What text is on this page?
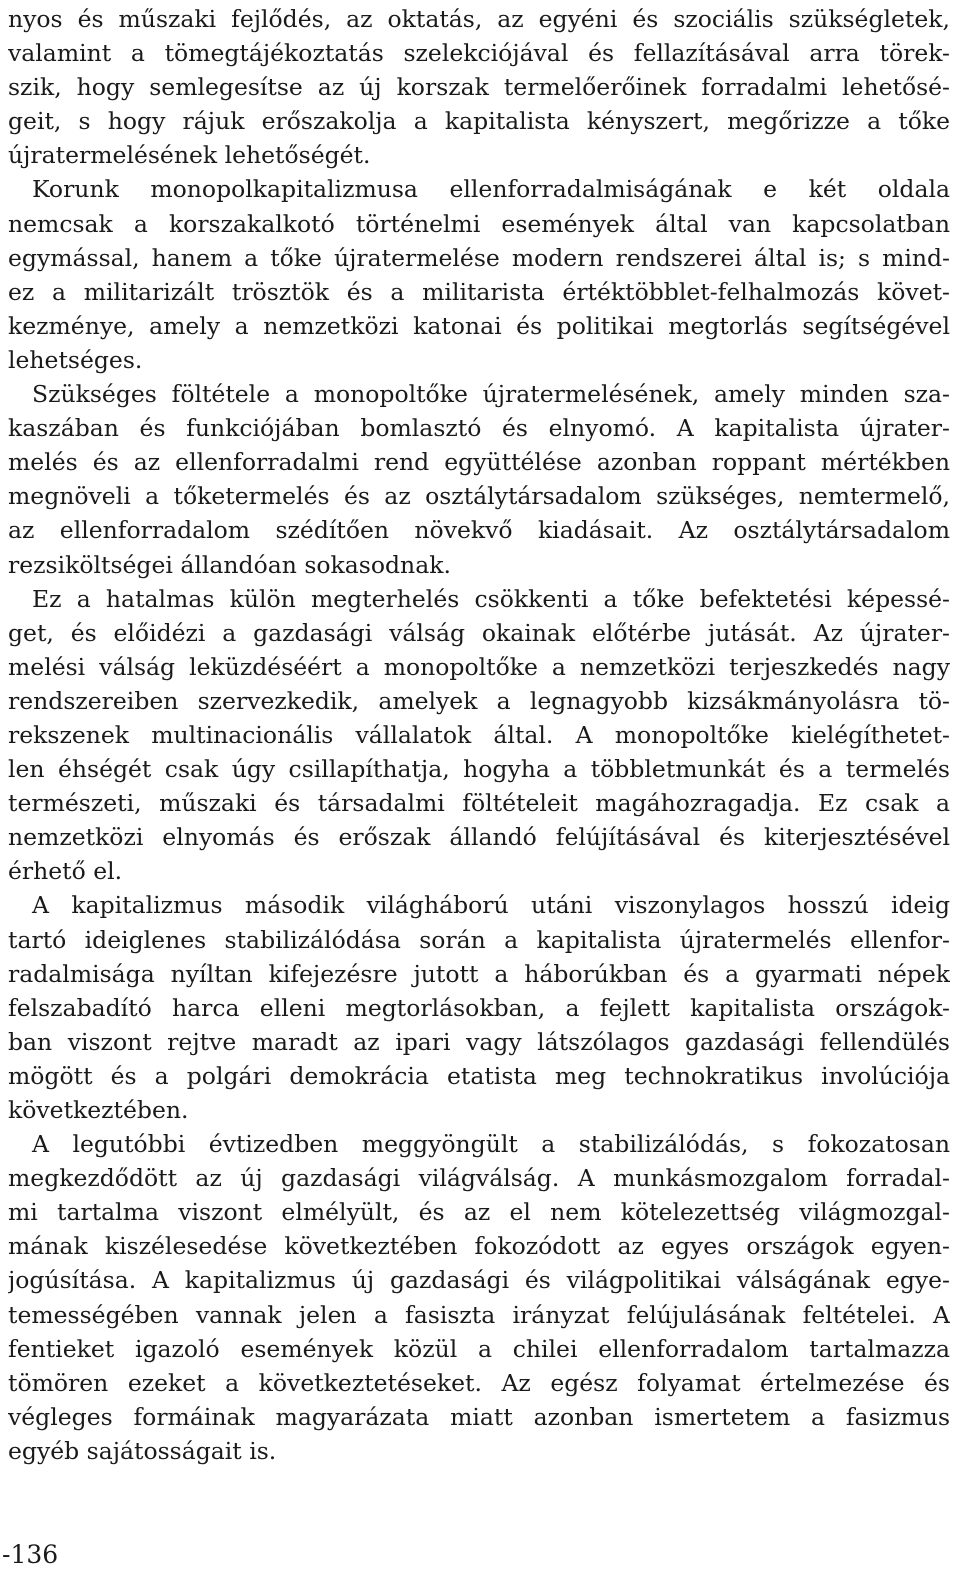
nyos és műszaki fejlődés, az oktatás, az egyéni és szociális szükségletek,
valamint a tömegtájékoztatás szelekciójával és fellazításával arra törek-
szik, hogy semlegesítse az új korszak termelőerőinek forradalmi lehetősé-
geit, s hogy rájuk erőszakolja a kapitalista kényszert, megőrizze a tőke
újratermelésének lehetőségét.
Korunk monopolkapitalizmusa ellenforradalmiságának e két oldala
nemcsak a korszakalkotó történelmi események által van kapcsolatban
egymással, hanem a tőke újratermelése modern rendszerei által is; s mind-
ez a militarizált trösztök és a militarista értéktöbblet-felhalmozás követ-
kezménye, amely a nemzetközi katonai és politikai megtorlás segítségével
lehetséges.
Szükséges föltétele a monopoltőke újratermelésének, amely minden sza-
kaszában és funkciójában bomlasztó és elnyomó. A kapitalista újrater-
melés és az ellenforradalmi rend együttélése azonban roppant mértékben
megnöveli a tőketermelés és az osztálytársadalom szükséges, nemtermelő,
az ellenforradalom szédítően növekvő kiadásait. Az osztálytársadalom
rezsiköltségei állandóan sokasodnak.
Ez a hatalmas külön megterhelés csökkenti a tőke befektetési képessé-
get, és előidézi a gazdasági válság okainak előtérbe jutását. Az újrater-
melési válság leküzdéséért a monopoltőke a nemzetközi terjeszkedés nagy
rendszereiben szervezkedik, amelyek a legnagyobb kizsákmányolásra tö-
rekszenek multinacionális vállalatok által. A monopoltőke kielégíthetet-
len éhségét csak úgy csillapíthatja, hogyha a többletmunkát és a termelés
természeti, műszaki és társadalmi föltételeit magáhozragadja. Ez csak a
nemzetközi elnyomás és erőszak állandó felújításával és kiterjesztésével
érhető el.
A kapitalizmus második világháború utáni viszonylagos hosszú ideig
tartó ideiglenes stabilizálódása során a kapitalista újratermelés ellenfor-
radalmisága nyíltan kifejezésre jutott a háborúkban és a gyarmati népek
felszabadító harca elleni megtorlásokban, a fejlett kapitalista országok-
ban viszont rejtve maradt az ipari vagy látszólagos gazdasági fellendülés
mögött és a polgári demokrácia etatista meg technokratikus involúciója
következtében.
A legutóbbi évtizedben meggyöngült a stabilizálódás, s fokozatosan
megkezdődött az új gazdasági világválság. A munkásmozgalom forradal-
mi tartalma viszont elmélyült, és az el nem kötelezettség világmozgal-
mának kiszélesedése következtében fokozódott az egyes országok egyen-
jogúsítása. A kapitalizmus új gazdasági és világpolitikai válságának egye-
temességében vannak jelen a fasiszta irányzat felújulásának feltételei. A
fentieket igazoló események közül a chilei ellenforradalom tartalmazza
tömören ezeket a következtetéseket. Az egész folyamat értelmezése és
végleges formáinak magyarázata miatt azonban ismertetem a fasizmus
egyéb sajátosságait is.
-136
